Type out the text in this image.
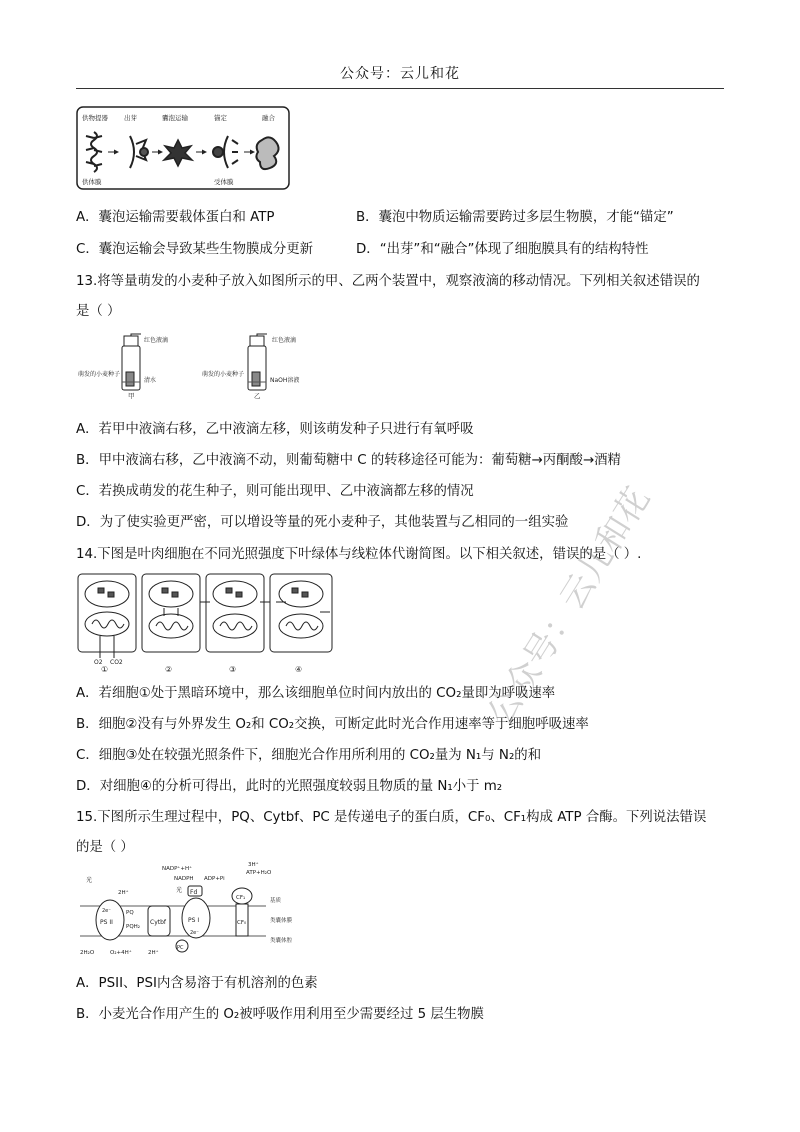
公众号：云儿和花
供物提器 出芽	囊泡运输	锚定	融合
供体膜	受体膜
A．囊泡运输需要载体蛋白和 ATP	B．囊泡中物质运输需要跨过多层生物膜，才能“锚定”
C．囊泡运输会导致某些生物膜成分更新	D．“出芽”和“融合”体现了细胞膜具有的结构特性
13.将等量萌发的小麦种子放入如图所示的甲、乙两个装置中，观察液滴的移动情况。下列相关叙述错误的
是（ ）
红色液滴
萌发的小麦种子
清水
甲
红色液滴
萌发的小麦种子
NaOH溶液
乙
A．若甲中液滴右移，乙中液滴左移，则该萌发种子只进行有氧呼吸
B．甲中液滴右移，乙中液滴不动，则葡萄糖中 C 的转移途径可能为：葡萄糖→丙酮酸→酒精
C．若换成萌发的花生种子，则可能出现甲、乙中液滴都左移的情况
D．为了使实验更严密，可以增设等量的死小麦种子，其他装置与乙相同的一组实验
14.下图是叶肉细胞在不同光照强度下叶绿体与线粒体代谢简图。以下相关叙述，错误的是（ ）.
O2 CO2
①	②	③	④
A．若细胞①处于黑暗环境中，那么该细胞单位时间内放出的 CO₂量即为呼吸速率
B．细胞②没有与外界发生 O₂和 CO₂交换，可断定此时光合作用速率等于细胞呼吸速率
C．细胞③处在较强光照条件下，细胞光合作用所利用的 CO₂量为 N₁与 N₂的和
D．对细胞④的分析可得出，此时的光照强度较弱且物质的量 N₁小于 m₂
15.下图所示生理过程中，PQ、Cytbf、PC 是传递电子的蛋白质，CF₀、CF₁构成 ATP 合酶。下列说法错误
的是（ ）
光
光
PS II
2e⁻	PQ
PQH₂
Cytbf	PS I
2e⁻
PC
Fd
CF₁
CF₀
NADP⁺+H⁺
NADPH ADP+Pi
ATP+H₂O
3H⁺
2H⁺
2H₂O	O₂+4H⁺	2H⁺
基质
类囊体膜
类囊体腔
A．PSII、PSI内含易溶于有机溶剂的色素
B．小麦光合作用产生的 O₂被呼吸作用利用至少需要经过 5 层生物膜
公众号：云儿和花
